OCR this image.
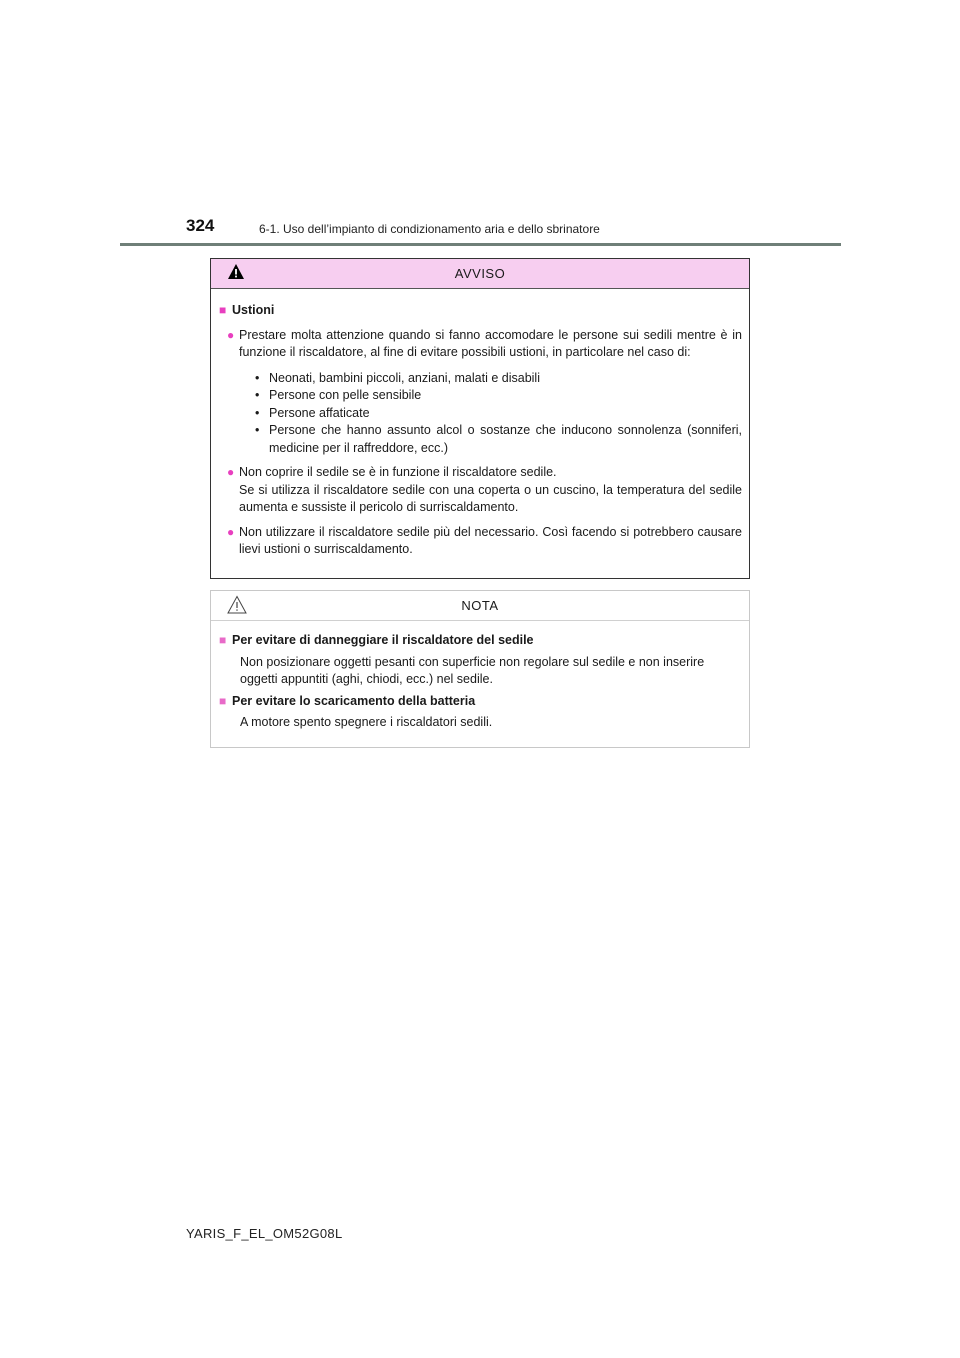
324	6-1. Uso dell’impianto di condizionamento aria e dello sbrinatore
AVVISO
■ Ustioni
● Prestare molta attenzione quando si fanno accomodare le persone sui sedili mentre è in funzione il riscaldatore, al fine di evitare possibili ustioni, in particolare nel caso di:
• Neonati, bambini piccoli, anziani, malati e disabili
• Persone con pelle sensibile
• Persone affaticate
• Persone che hanno assunto alcol o sostanze che inducono sonnolenza (sonniferi, medicine per il raffreddore, ecc.)
● Non coprire il sedile se è in funzione il riscaldatore sedile.
Se si utilizza il riscaldatore sedile con una coperta o un cuscino, la temperatura del sedile aumenta e sussiste il pericolo di surriscaldamento.
● Non utilizzare il riscaldatore sedile più del necessario. Così facendo si potrebbero causare lievi ustioni o surriscaldamento.
NOTA
■ Per evitare di danneggiare il riscaldatore del sedile
Non posizionare oggetti pesanti con superficie non regolare sul sedile e non inserire oggetti appuntiti (aghi, chiodi, ecc.) nel sedile.
■ Per evitare lo scaricamento della batteria
A motore spento spegnere i riscaldatori sedili.
YARIS_F_EL_OM52G08L
